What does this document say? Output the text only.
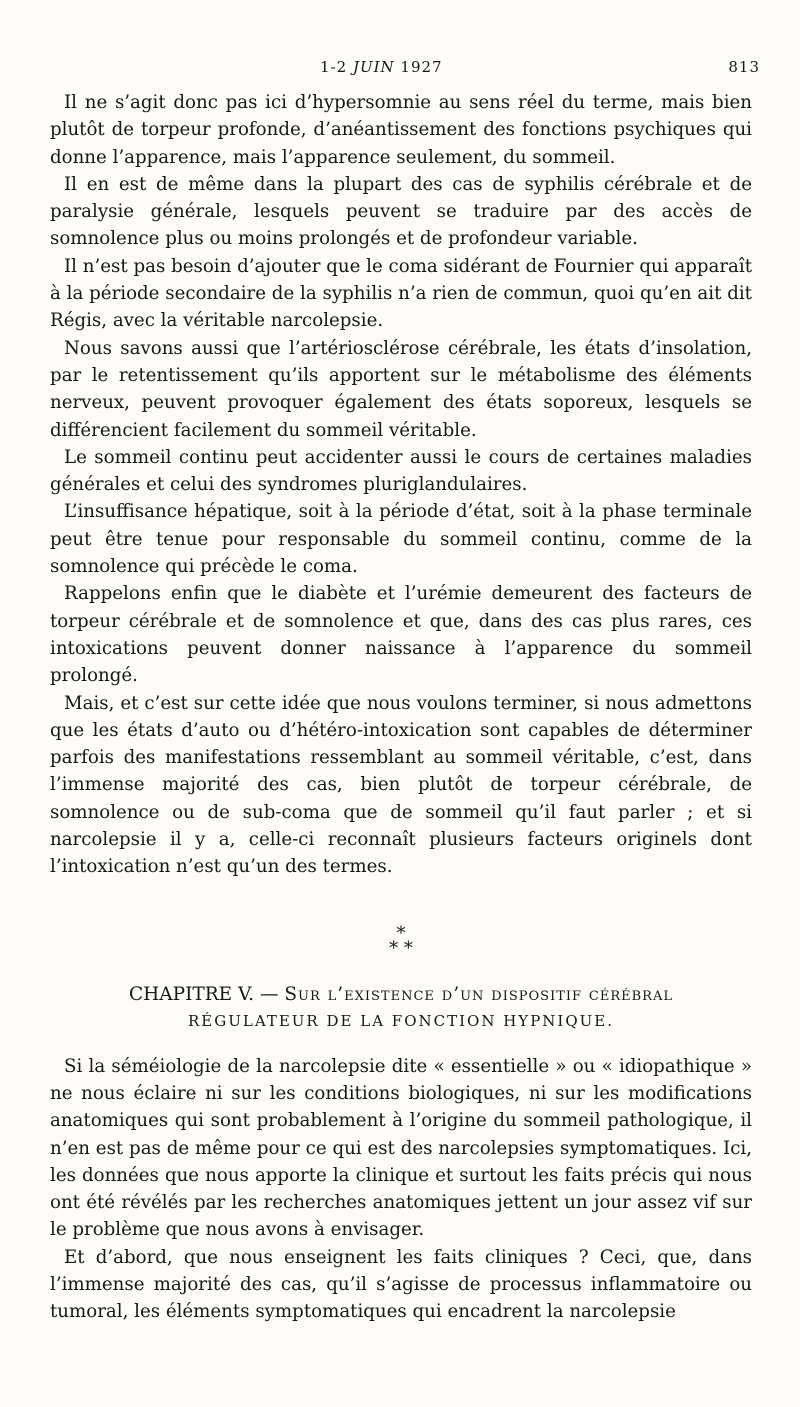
1-2 JUIN 1927	813

Il ne s’agit donc pas ici d’hypersomnie au sens réel du terme, mais bien plutôt de torpeur profonde, d’anéantissement des fonctions psychiques qui donne l’apparence, mais l’apparence seulement, du sommeil.

Il en est de même dans la plupart des cas de syphilis cérébrale et de paralysie générale, lesquels peuvent se traduire par des accès de somnolence plus ou moins prolongés et de profondeur variable.

Il n’est pas besoin d’ajouter que le coma sidérant de Fournier qui apparaît à la période secondaire de la syphilis n’a rien de commun, quoi qu’en ait dit Régis, avec la véritable narcolepsie.

Nous savons aussi que l’artériosclérose cérébrale, les états d’insolation, par le retentissement qu’ils apportent sur le métabolisme des éléments nerveux, peuvent provoquer également des états soporeux, lesquels se différencient facilement du sommeil véritable.

Le sommeil continu peut accidenter aussi le cours de certaines maladies générales et celui des syndromes pluriglandulaires.

L’insuffisance hépatique, soit à la période d’état, soit à la phase terminale peut être tenue pour responsable du sommeil continu, comme de la somnolence qui précède le coma.

Rappelons enfin que le diabète et l’urémie demeurent des facteurs de torpeur cérébrale et de somnolence et que, dans des cas plus rares, ces intoxications peuvent donner naissance à l’apparence du sommeil prolongé.

Mais, et c’est sur cette idée que nous voulons terminer, si nous admettons que les états d’auto ou d’hétéro-intoxication sont capables de déterminer parfois des manifestations ressemblant au sommeil véritable, c’est, dans l’immense majorité des cas, bien plutôt de torpeur cérébrale, de somnolence ou de sub-coma que de sommeil qu’il faut parler ; et si narcolepsie il y a, celle-ci reconnaît plusieurs facteurs originels dont l’intoxication n’est qu’un des termes.

*
* *
CHAPITRE V. — Sur l’existence d’un dispositif cérébral
RÉGULATEUR DE LA FONCTION HYPNIQUE.

Si la séméiologie de la narcolepsie dite « essentielle » ou « idiopathique » ne nous éclaire ni sur les conditions biologiques, ni sur les modifications anatomiques qui sont probablement à l’origine du sommeil pathologique, il n’en est pas de même pour ce qui est des narcolepsies symptomatiques. Ici, les données que nous apporte la clinique et surtout les faits précis qui nous ont été révélés par les recherches anatomiques jettent un jour assez vif sur le problème que nous avons à envisager.

Et d’abord, que nous enseignent les faits cliniques ? Ceci, que, dans l’immense majorité des cas, qu’il s’agisse de processus inflammatoire ou tumoral, les éléments symptomatiques qui encadrent la narcolepsie
